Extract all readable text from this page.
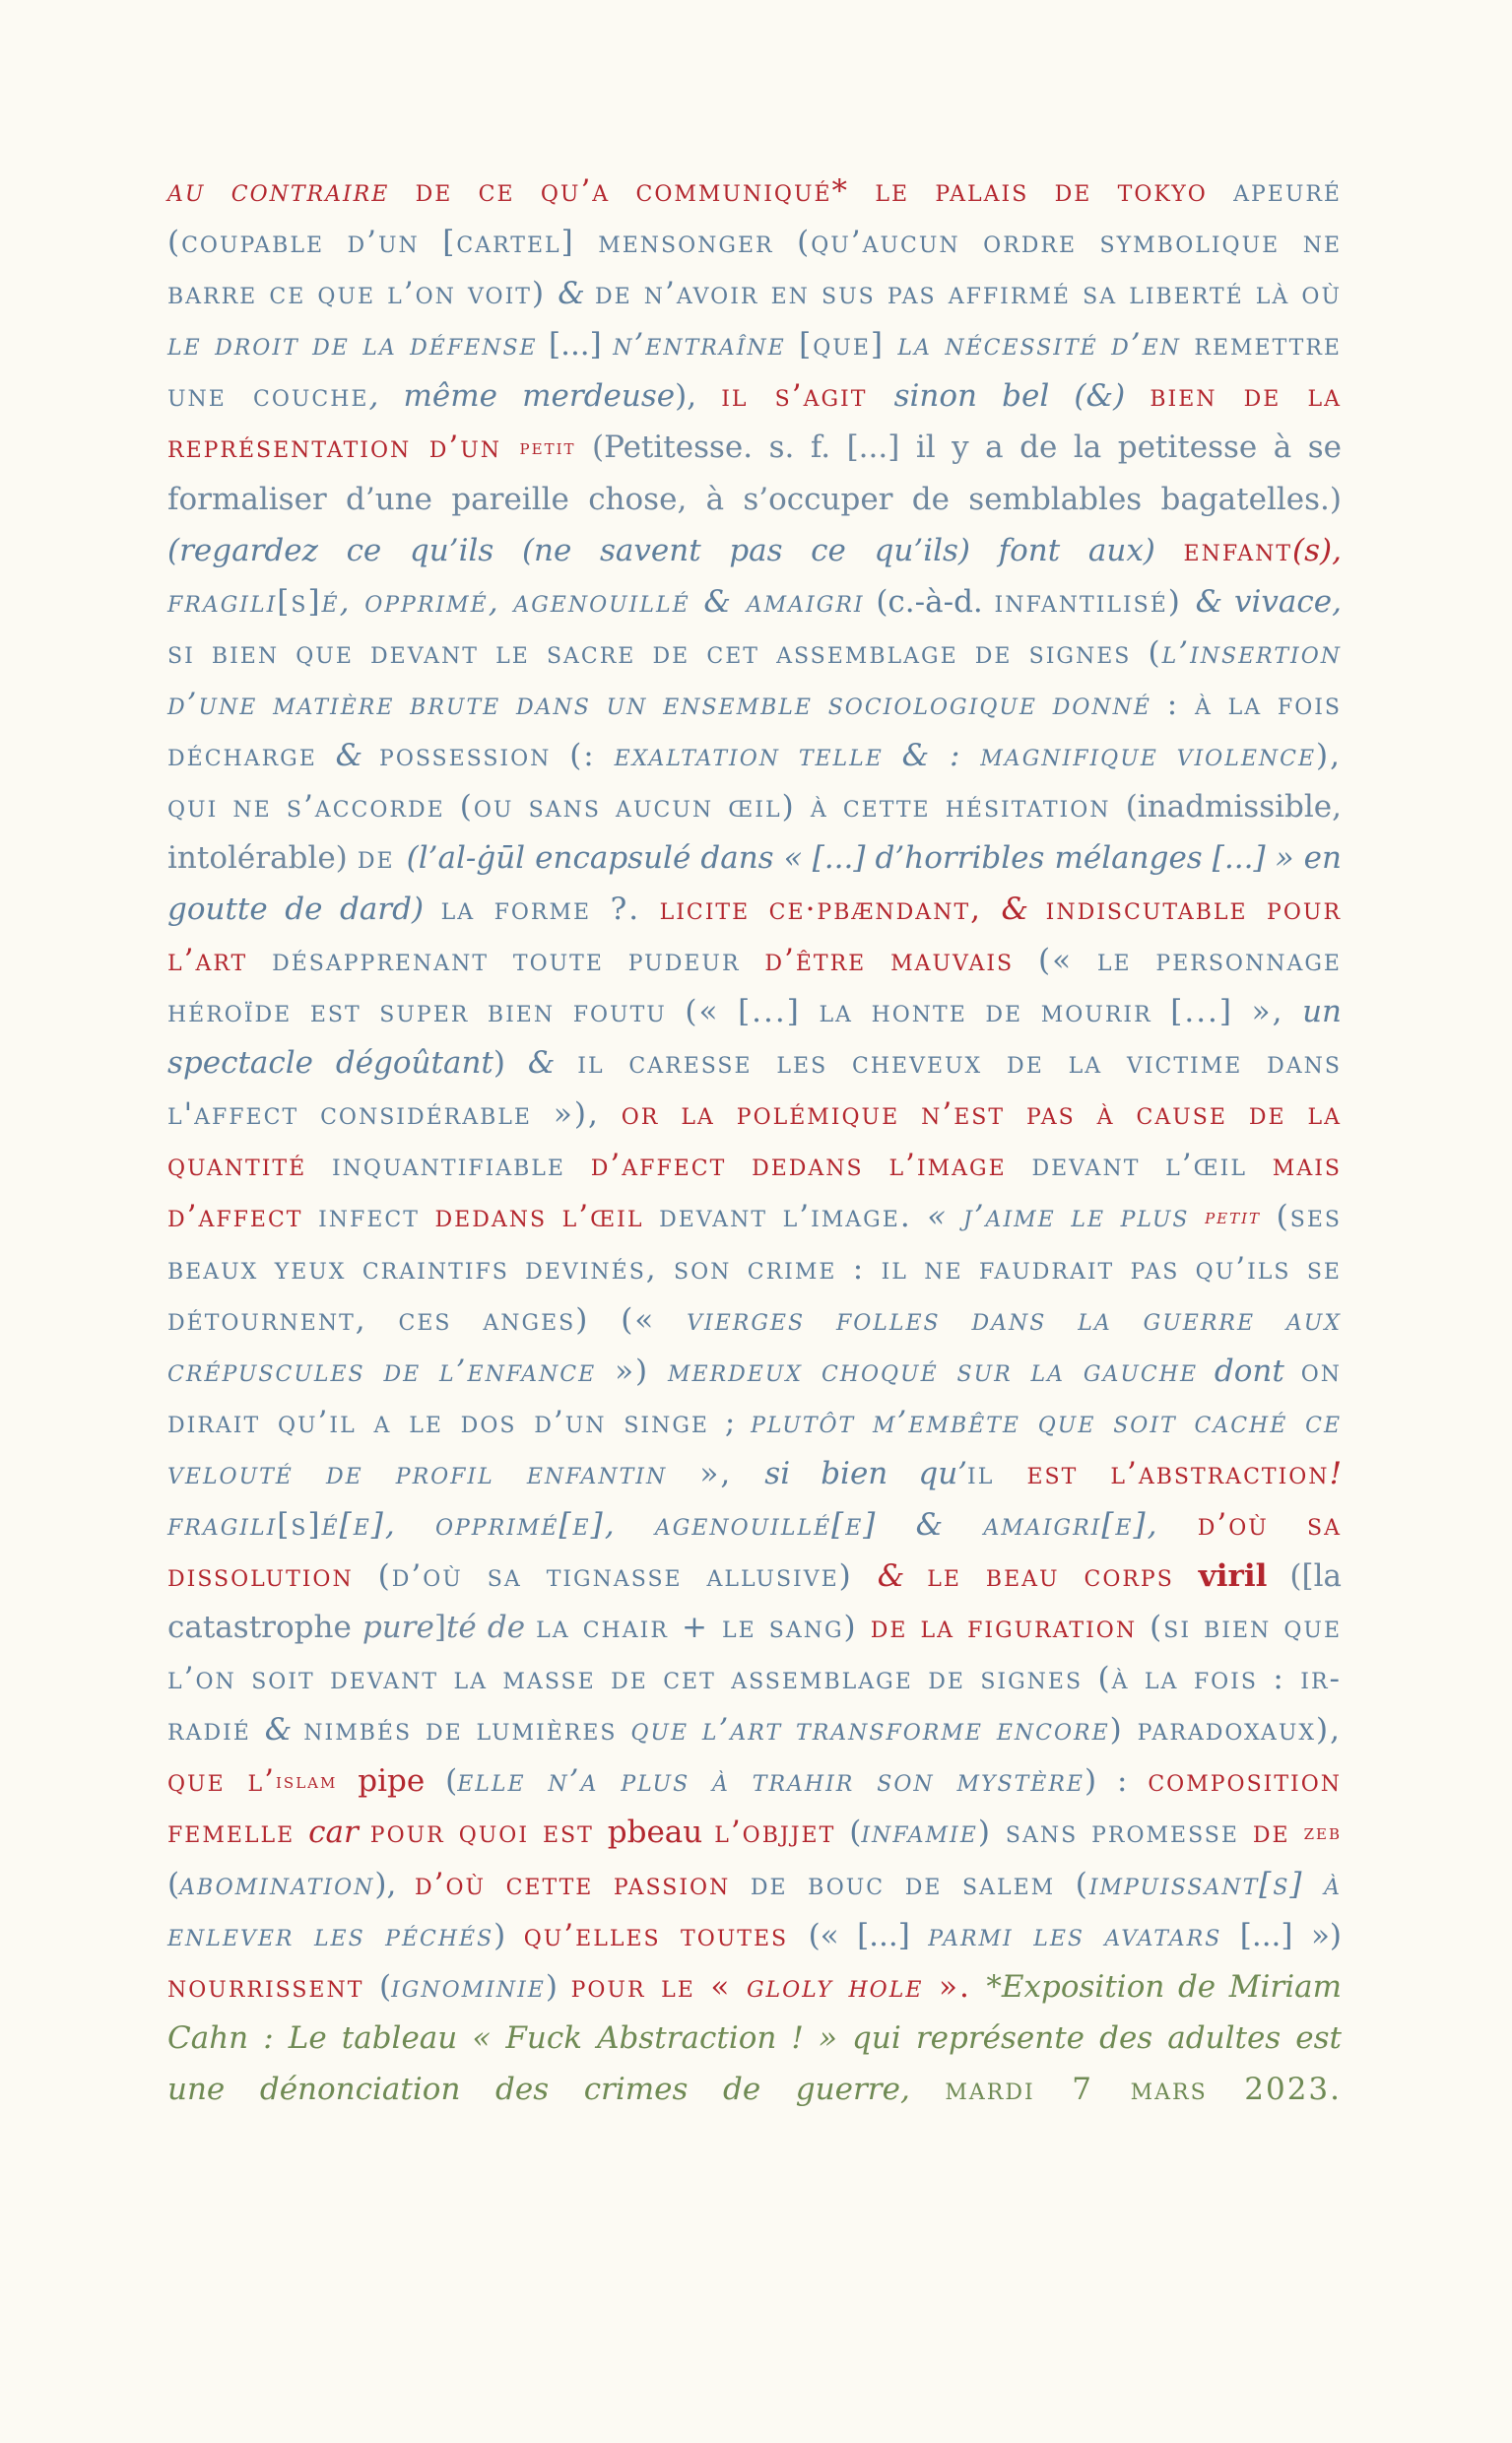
au contraire de ce qu’a communiqué* le palais de tokyo apeuré (coupable d’un [cartel] mensonger (qu’aucun ordre symbolique ne barre ce que l’on voit) & de n’avoir en sus pas affirmé sa liberté là où le droit de la défense [...] n’entraîne [que] la nécessité d’en remettre une couche, même merdeuse), il s’agit sinon bel (&) bien de la représentation d’un petit (Petitesse. s. f. [...] il y a de la petitesse à se formaliser d’une pareille chose, à s’occuper de semblables bagatelles.) (regardez ce qu’ils (ne savent pas ce qu’ils) font aux) enfant(s), fragili[s]é, opprimé, agenouillé & amaigri (c.-à-d. infantilisé) & vivace, si bien que devant le sacre de cet assemblage de signes (l’insertion d’une matière brute dans un ensemble sociologique donné : à la fois décharge & possession (: exaltation telle & : magnifique violence), qui ne s’accorde (ou sans aucun œil) à cette hésitation (inadmissible, intolérable) de (l’al-ġūl encapsulé dans « [...] d’horribles mélanges [...] » en goutte de dard) la forme ?. licite ce·pbændant, & indiscutable pour l’art désapprenant toute pudeur d’être mauvais (« le personnage héroïde est super bien foutu (« [...] la honte de mourir [...] », un spectacle dégoûtant) & il caresse les cheveux de la victime dans l'affect considérable »), or la polémique n’est pas à cause de la quantité inquantifiable d’affect dedans l’image devant l’œil mais d’affect infect dedans l’œil devant l’image. « j’aime le plus petit (ses beaux yeux craintifs devinés, son crime : il ne faudrait pas qu’ils se détournent, ces anges) (« vierges folles dans la guerre aux crépuscules de l’enfance ») merdeux choqué sur la gauche dont on dirait qu’il a le dos d’un singe ; plutôt m’embête que soit caché ce velouté de profil enfantin », si bien qu’il est l’abstraction! fragili[s]é[e], opprimé[e], agenouillé[e] & amaigri[e], d’où sa dissolution (d’où sa tignasse allusive) & le beau corps viril ([la catastrophe pure]té de la chair + le sang) de la figuration (si bien que l’on soit devant la masse de cet assemblage de signes (à la fois : ir-radié & nimbés de lumières que l’art transforme encore) paradoxaux), que l’islam pipe (elle n’a plus à trahir son mystère) : composition femelle car pour quoi est pbeau l’objjet (infamie) sans promesse de zeb (abomination), d’où cette passion de bouc de salem (impuissant[s] à enlever les péchés) qu’elles toutes (« [...] parmi les avatars [...] ») nourrissent (ignominie) pour le « gloly hole ». *Exposition de Miriam Cahn : Le tableau « Fuck Abstraction ! » qui représente des adultes est une dénonciation des crimes de guerre, mardi 7 mars 2023.
